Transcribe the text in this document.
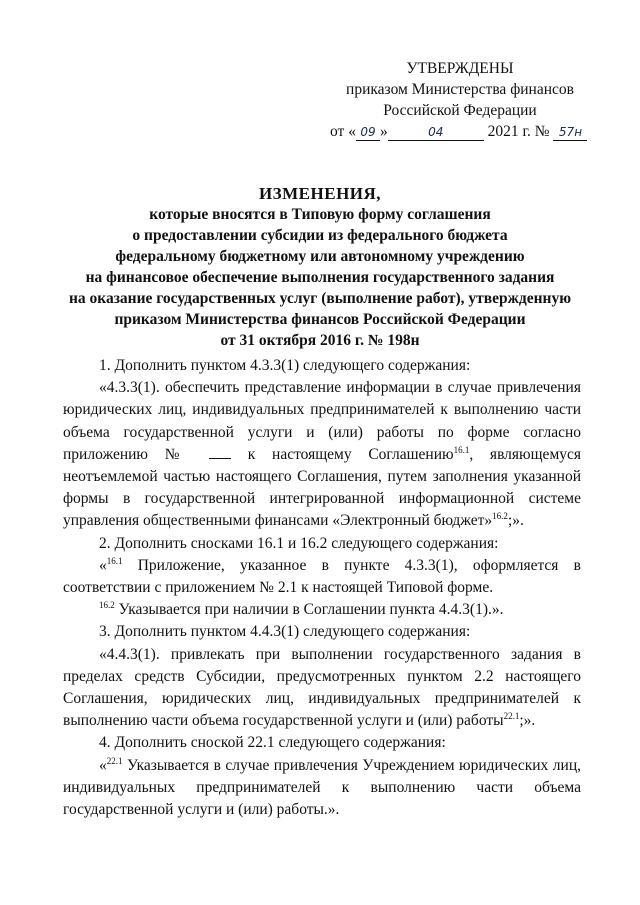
УТВЕРЖДЕНЫ
приказом Министерства финансов
Российской Федерации
от « 09 »	04	2021 г. № 57н
ИЗМЕНЕНИЯ,
которые вносятся в Типовую форму соглашения
о предоставлении субсидии из федерального бюджета
федеральному бюджетному или автономному учреждению
на финансовое обеспечение выполнения государственного задания
на оказание государственных услуг (выполнение работ), утвержденную
приказом Министерства финансов Российской Федерации
от 31 октября 2016 г. № 198н

1. Дополнить пунктом 4.3.3(1) следующего содержания:

«4.3.3(1). обеспечить представление информации в случае привлечения юридических лиц, индивидуальных предпринимателей к выполнению части объема государственной услуги и (или) работы по форме согласно приложению №	к настоящему Соглашению$^{16.1}$, являющемуся неотъемлемой частью настоящего Соглашения, путем заполнения указанной формы в государственной интегрированной информационной системе управления общественными финансами «Электронный бюджет»$^{16.2}$;».

2. Дополнить сносками 16.1 и 16.2 следующего содержания:

«$^{16.1}$ Приложение, указанное в пункте 4.3.3(1), оформляется в соответствии с приложением № 2.1 к настоящей Типовой форме.

$^{16.2}$ Указывается при наличии в Соглашении пункта 4.4.3(1).».

3. Дополнить пунктом 4.4.3(1) следующего содержания:

«4.4.3(1). привлекать при выполнении государственного задания в пределах средств Субсидии, предусмотренных пунктом 2.2 настоящего Соглашения, юридических лиц, индивидуальных предпринимателей к выполнению части объема государственной услуги и (или) работы$^{22.1}$;».

4. Дополнить сноской 22.1 следующего содержания:

«$^{22.1}$ Указывается в случае привлечения Учреждением юридических лиц, индивидуальных предпринимателей к выполнению части объема государственной услуги и (или) работы.».
